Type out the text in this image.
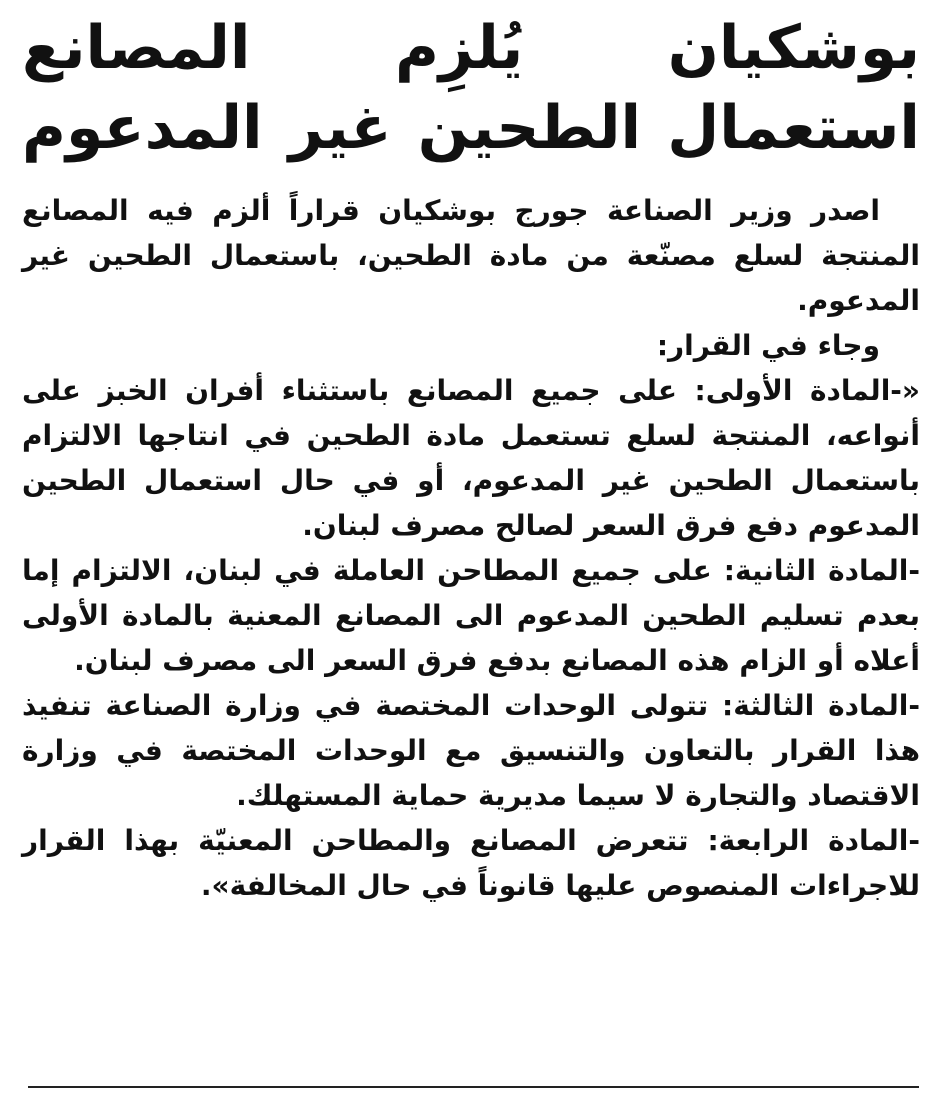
بوشكيان يُلزِم المصانع
استعمال الطحين غير المدعوم

اصدر وزير الصناعة جورج بوشكيان قراراً ألزم فيه المصانع المنتجة لسلع مصنّعة من مادة الطحين، باستعمال الطحين غير المدعوم.

وجاء في القرار:

«-المادة الأولى: على جميع المصانع باستثناء أفران الخبز على أنواعه، المنتجة لسلع تستعمل مادة الطحين في انتاجها الالتزام باستعمال الطحين غير المدعوم، أو في حال استعمال الطحين المدعوم دفع فرق السعر لصالح مصرف لبنان.

-المادة الثانية: على جميع المطاحن العاملة في لبنان، الالتزام إما بعدم تسليم الطحين المدعوم الى المصانع المعنية بالمادة الأولى أعلاه أو الزام هذه المصانع بدفع فرق السعر الى مصرف لبنان.

-المادة الثالثة: تتولى الوحدات المختصة في وزارة الصناعة تنفيذ هذا القرار بالتعاون والتنسيق مع الوحدات المختصة في وزارة الاقتصاد والتجارة لا سيما مديرية حماية المستهلك.

-المادة الرابعة: تتعرض المصانع والمطاحن المعنيّة بهذا القرار للاجراءات المنصوص عليها قانوناً في حال المخالفة».
